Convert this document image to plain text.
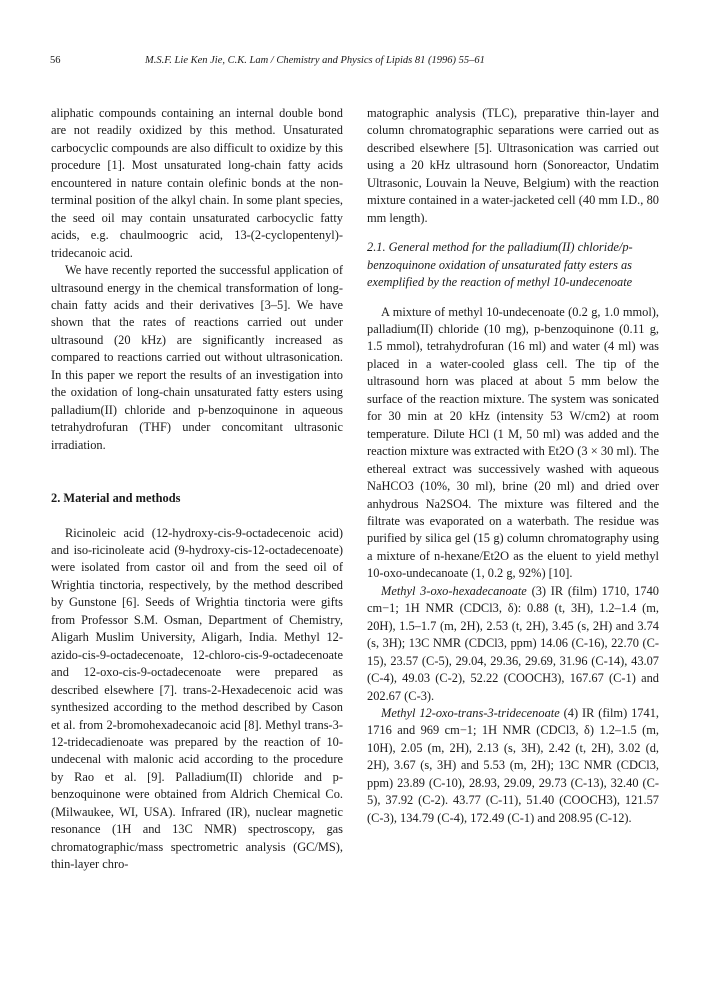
56	M.S.F. Lie Ken Jie, C.K. Lam / Chemistry and Physics of Lipids 81 (1996) 55–61

aliphatic compounds containing an internal double bond are not readily oxidized by this method. Unsaturated carbocyclic compounds are also difficult to oxidize by this procedure [1]. Most unsaturated long-chain fatty acids encountered in nature contain olefinic bonds at the non-terminal position of the alkyl chain. In some plant species, the seed oil may contain unsaturated carbocyclic fatty acids, e.g. chaulmoogric acid, 13-(2-cyclopentenyl)-tridecanoic acid.

We have recently reported the successful application of ultrasound energy in the chemical transformation of long-chain fatty acids and their derivatives [3–5]. We have shown that the rates of reactions carried out under ultrasound (20 kHz) are significantly increased as compared to reactions carried out without ultrasonication. In this paper we report the results of an investigation into the oxidation of long-chain unsaturated fatty esters using palladium(II) chloride and p-benzoquinone in aqueous tetrahydrofuran (THF) under concomitant ultrasonic irradiation.

2. Material and methods

Ricinoleic acid (12-hydroxy-cis-9-octadecenoic acid) and iso-ricinoleate acid (9-hydroxy-cis-12-octadecenoate) were isolated from castor oil and from the seed oil of Wrightia tinctoria, respectively, by the method described by Gunstone [6]. Seeds of Wrightia tinctoria were gifts from Professor S.M. Osman, Department of Chemistry, Aligarh Muslim University, Aligarh, India. Methyl 12-azido-cis-9-octadecenoate, 12-chloro-cis-9-octadecenoate and 12-oxo-cis-9-octadecenoate were prepared as described elsewhere [7]. trans-2-Hexadecenoic acid was synthesized according to the method described by Cason et al. from 2-bromohexadecanoic acid [8]. Methyl trans-3-12-tridecadienoate was prepared by the reaction of 10-undecenal with malonic acid according to the procedure by Rao et al. [9]. Palladium(II) chloride and p-benzoquinone were obtained from Aldrich Chemical Co. (Milwaukee, WI, USA). Infrared (IR), nuclear magnetic resonance (1H and 13C NMR) spectroscopy, gas chromatographic/mass spectrometric analysis (GC/MS), thin-layer chro-

matographic analysis (TLC), preparative thin-layer and column chromatographic separations were carried out as described elsewhere [5]. Ultrasonication was carried out using a 20 kHz ultrasound horn (Sonoreactor, Undatim Ultrasonic, Louvain la Neuve, Belgium) with the reaction mixture contained in a water-jacketed cell (40 mm I.D., 80 mm length).

2.1. General method for the palladium(II) chloride/p-benzoquinone oxidation of unsaturated fatty esters as exemplified by the reaction of methyl 10-undecenoate

A mixture of methyl 10-undecenoate (0.2 g, 1.0 mmol), palladium(II) chloride (10 mg), p-benzoquinone (0.11 g, 1.5 mmol), tetrahydrofuran (16 ml) and water (4 ml) was placed in a water-cooled glass cell. The tip of the ultrasound horn was placed at about 5 mm below the surface of the reaction mixture. The system was sonicated for 30 min at 20 kHz (intensity 53 W/cm2) at room temperature. Dilute HCl (1 M, 50 ml) was added and the reaction mixture was extracted with Et2O (3 × 30 ml). The ethereal extract was successively washed with aqueous NaHCO3 (10%, 30 ml), brine (20 ml) and dried over anhydrous Na2SO4. The mixture was filtered and the filtrate was evaporated on a waterbath. The residue was purified by silica gel (15 g) column chromatography using a mixture of n-hexane/Et2O as the eluent to yield methyl 10-oxo-undecanoate (1, 0.2 g, 92%) [10].

Methyl 3-oxo-hexadecanoate (3) IR (film) 1710, 1740 cm−1; 1H NMR (CDCl3, δ): 0.88 (t, 3H), 1.2–1.4 (m, 20H), 1.5–1.7 (m, 2H), 2.53 (t, 2H), 3.45 (s, 2H) and 3.74 (s, 3H); 13C NMR (CDCl3, ppm) 14.06 (C-16), 22.70 (C-15), 23.57 (C-5), 29.04, 29.36, 29.69, 31.96 (C-14), 43.07 (C-4), 49.03 (C-2), 52.22 (COOCH3), 167.67 (C-1) and 202.67 (C-3).

Methyl 12-oxo-trans-3-tridecenoate (4) IR (film) 1741, 1716 and 969 cm−1; 1H NMR (CDCl3, δ) 1.2–1.5 (m, 10H), 2.05 (m, 2H), 2.13 (s, 3H), 2.42 (t, 2H), 3.02 (d, 2H), 3.67 (s, 3H) and 5.53 (m, 2H); 13C NMR (CDCl3, ppm) 23.89 (C-10), 28.93, 29.09, 29.73 (C-13), 32.40 (C-5), 37.92 (C-2). 43.77 (C-11), 51.40 (COOCH3), 121.57 (C-3), 134.79 (C-4), 172.49 (C-1) and 208.95 (C-12).
